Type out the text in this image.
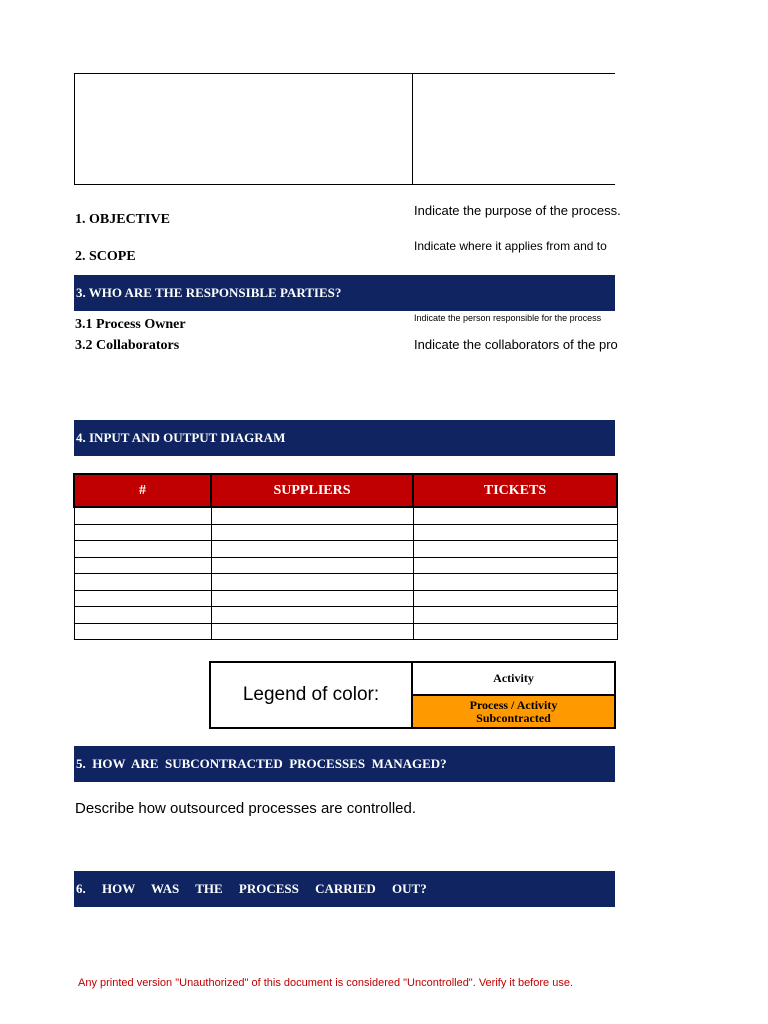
1. OBJECTIVE
Indicate the purpose of the process.
2. SCOPE
Indicate where it applies from and to
3. WHO ARE THE RESPONSIBLE PARTIES?
3.1 Process Owner	Indicate the person responsible for the process
3.2 Collaborators	Indicate the collaborators of the pro
4. INPUT AND OUTPUT DIAGRAM
#	SUPPLIERS	TICKETS

Legend of color:
Activity
Process / Activity
Subcontracted
5.  HOW  ARE  SUBCONTRACTED  PROCESSES  MANAGED?
Describe how outsourced processes are controlled.
6.     HOW     WAS     THE     PROCESS     CARRIED     OUT?
Any printed version "Unauthorized" of this document is considered "Uncontrolled". Verify it before use.
